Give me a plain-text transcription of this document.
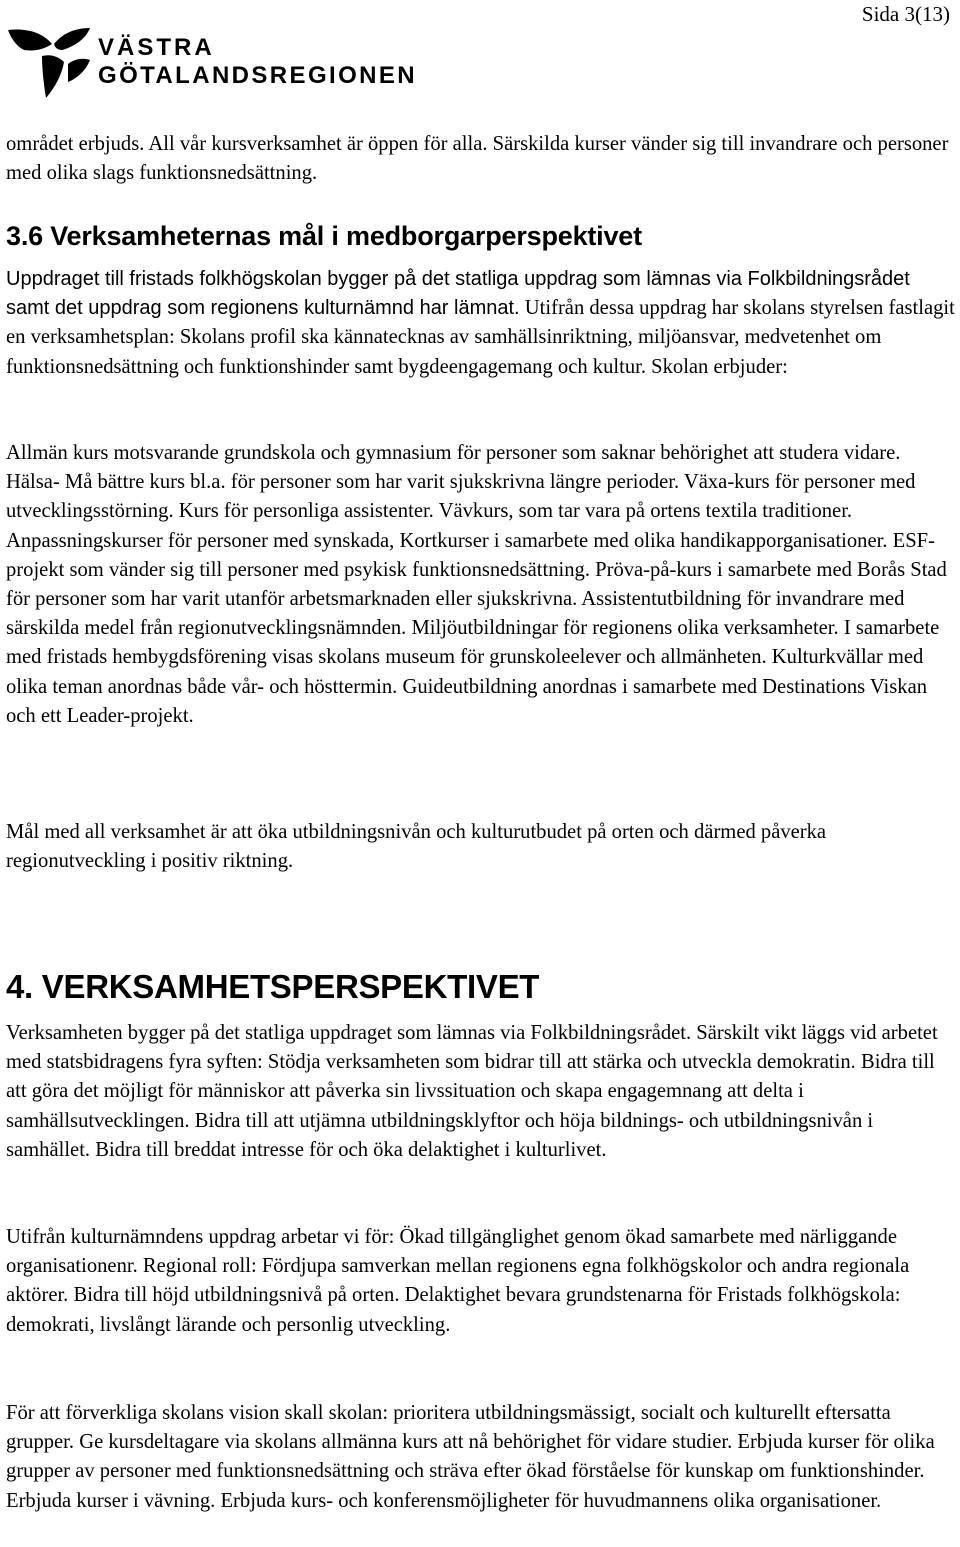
Sida 3(13)
VÄSTRA
GÖTALANDSREGIONEN

området erbjuds. All vår kursverksamhet är öppen för alla. Särskilda kurser vänder sig till invandrare och personer med olika slags funktionsnedsättning.

3.6 Verksamheternas mål i medborgarperspektivet

Uppdraget till fristads folkhögskolan bygger på det statliga uppdrag som lämnas via Folkbildningsrådet samt det uppdrag som regionens kulturnämnd har lämnat. Utifrån dessa uppdrag har skolans styrelsen fastlagit en verksamhetsplan: Skolans profil ska kännatecknas av samhällsinriktning, miljöansvar, medvetenhet om funktionsnedsättning och funktionshinder samt bygdeengagemang och kultur. Skolan erbjuder:

Allmän kurs motsvarande grundskola och gymnasium för personer som saknar behörighet att studera vidare. Hälsa- Må bättre kurs bl.a. för personer som har varit sjukskrivna längre perioder. Växa-kurs för personer med utvecklingsstörning. Kurs för personliga assistenter. Vävkurs, som tar vara på ortens textila traditioner. Anpassningskurser för personer med synskada, Kortkurser i samarbete med olika handikapporganisationer. ESF-projekt som vänder sig till personer med psykisk funktionsnedsättning. Pröva-på-kurs i samarbete med Borås Stad för personer som har varit utanför arbetsmarknaden eller sjukskrivna. Assistentutbildning för invandrare med särskilda medel från regionutvecklingsnämnden. Miljöutbildningar för regionens olika verksamheter. I samarbete med fristads hembygdsförening visas skolans museum för grunskoleelever och allmänheten. Kulturkvällar med olika teman anordnas både vår- och hösttermin. Guideutbildning anordnas i samarbete med Destinations Viskan och ett Leader-projekt.

Mål med all verksamhet är att öka utbildningsnivån och kulturutbudet på orten och därmed påverka regionutveckling i positiv riktning.

4. VERKSAMHETSPERSPEKTIVET

Verksamheten bygger på det statliga uppdraget som lämnas via Folkbildningsrådet. Särskilt vikt läggs vid arbetet med statsbidragens fyra syften: Stödja verksamheten som bidrar till att stärka och utveckla demokratin. Bidra till att göra det möjligt för människor att påverka sin livssituation och skapa engagemnang att delta i samhällsutvecklingen. Bidra till att utjämna utbildningsklyftor och höja bildnings- och utbildningsnivån i samhället. Bidra till breddat intresse för och öka delaktighet i kulturlivet.

Utifrån kulturnämndens uppdrag arbetar vi för: Ökad tillgänglighet genom ökad samarbete med närliggande organisationenr. Regional roll: Fördjupa samverkan mellan regionens egna folkhögskolor och andra regionala aktörer. Bidra till höjd utbildningsnivå på orten. Delaktighet bevara grundstenarna för Fristads folkhögskola: demokrati, livslångt lärande och personlig utveckling.

För att förverkliga skolans vision skall skolan: prioritera utbildningsmässigt, socialt och kulturellt eftersatta grupper. Ge kursdeltagare via skolans allmänna kurs att nå behörighet för vidare studier. Erbjuda kurser för olika grupper av personer med funktionsnedsättning och sträva efter ökad förståelse för kunskap om funktionshinder. Erbjuda kurser i vävning. Erbjuda kurs- och konferensmöjligheter för huvudmannens olika organisationer.
